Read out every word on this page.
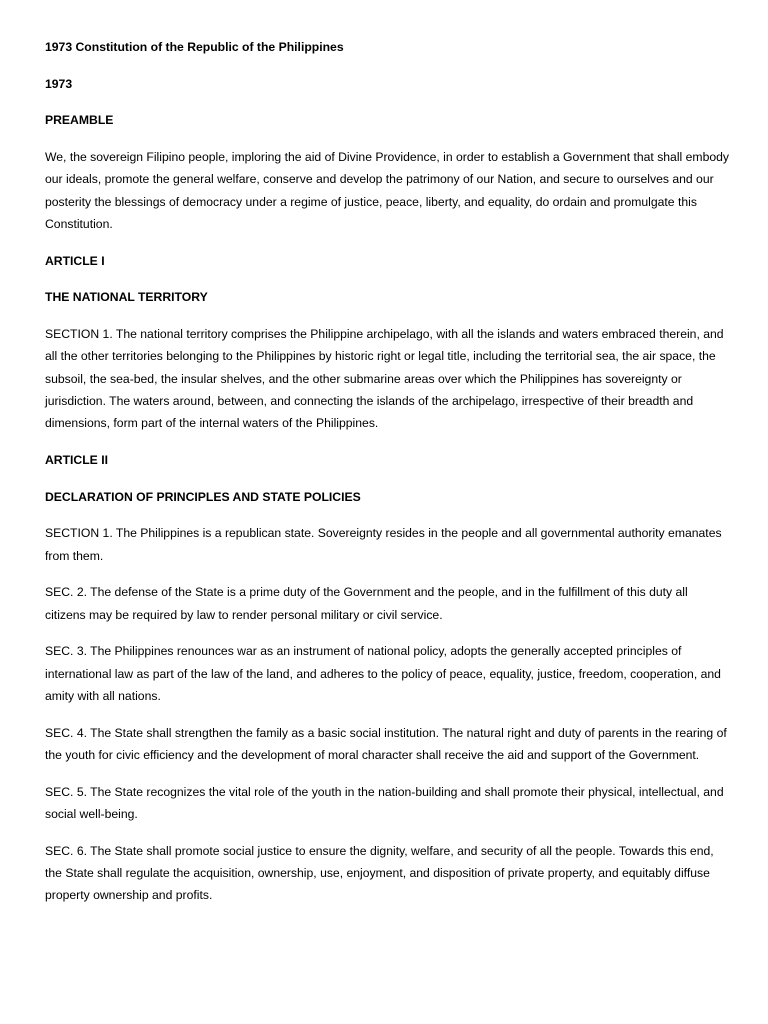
1973 Constitution of the Republic of the Philippines

1973

PREAMBLE

We, the sovereign Filipino people, imploring the aid of Divine Providence, in order to establish a Government that shall embody our ideals, promote the general welfare, conserve and develop the patrimony of our Nation, and secure to ourselves and our posterity the blessings of democracy under a regime of justice, peace, liberty, and equality, do ordain and promulgate this Constitution.

ARTICLE I

THE NATIONAL TERRITORY

SECTION 1. The national territory comprises the Philippine archipelago, with all the islands and waters embraced therein, and all the other territories belonging to the Philippines by historic right or legal title, including the territorial sea, the air space, the subsoil, the sea-bed, the insular shelves, and the other submarine areas over which the Philippines has sovereignty or jurisdiction. The waters around, between, and connecting the islands of the archipelago, irrespective of their breadth and dimensions, form part of the internal waters of the Philippines.

ARTICLE II

DECLARATION OF PRINCIPLES AND STATE POLICIES

SECTION 1. The Philippines is a republican state. Sovereignty resides in the people and all governmental authority emanates from them.

SEC. 2. The defense of the State is a prime duty of the Government and the people, and in the fulfillment of this duty all citizens may be required by law to render personal military or civil service.

SEC. 3. The Philippines renounces war as an instrument of national policy, adopts the generally accepted principles of international law as part of the law of the land, and adheres to the policy of peace, equality, justice, freedom, cooperation, and amity with all nations.

SEC. 4. The State shall strengthen the family as a basic social institution. The natural right and duty of parents in the rearing of the youth for civic efficiency and the development of moral character shall receive the aid and support of the Government.

SEC. 5. The State recognizes the vital role of the youth in the nation-building and shall promote their physical, intellectual, and social well-being.

SEC. 6. The State shall promote social justice to ensure the dignity, welfare, and security of all the people. Towards this end, the State shall regulate the acquisition, ownership, use, enjoyment, and disposition of private property, and equitably diffuse property ownership and profits.
